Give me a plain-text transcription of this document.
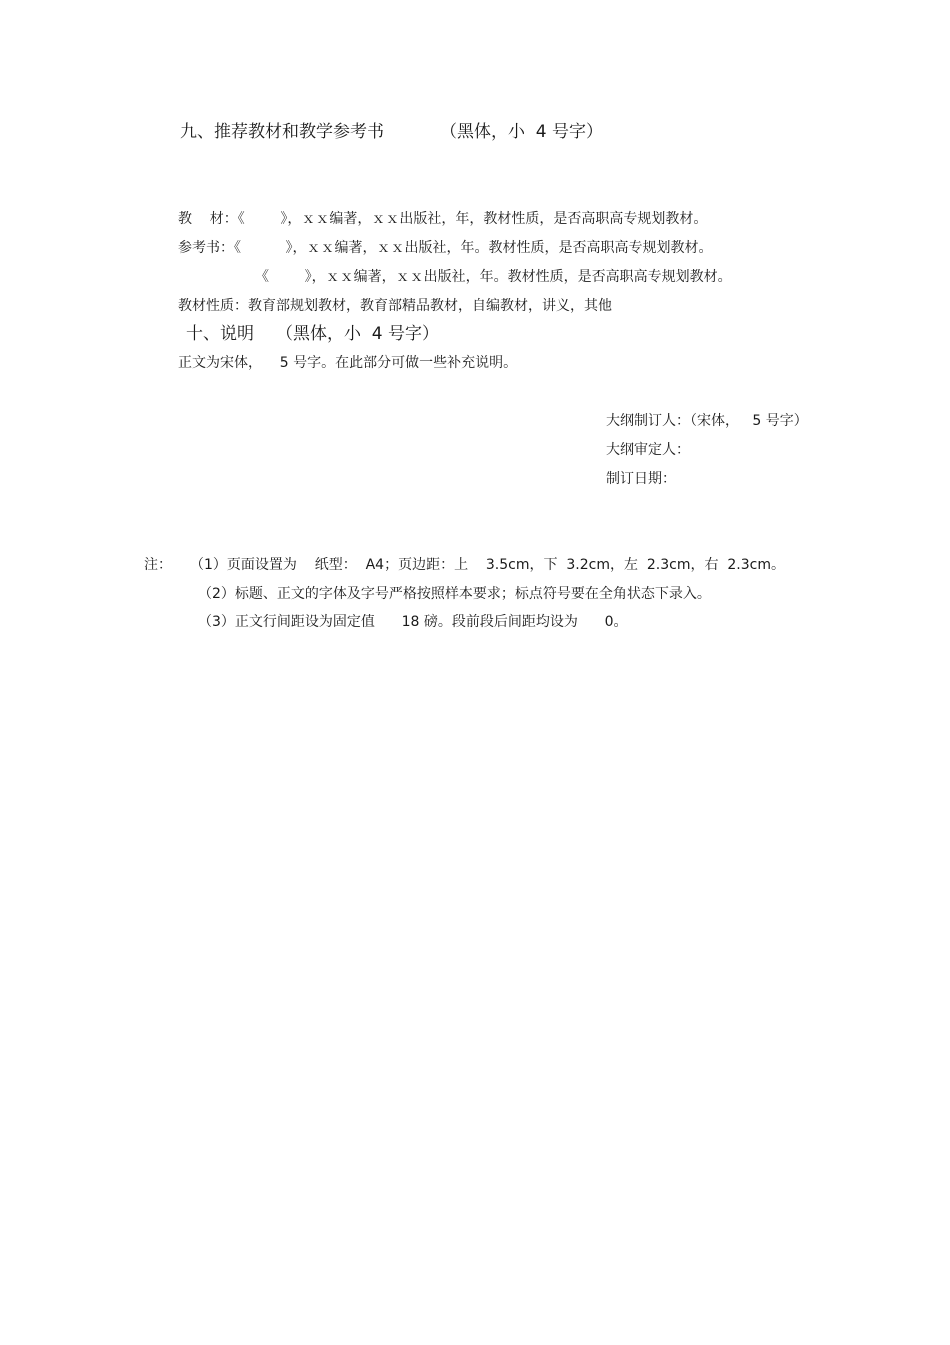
九、推荐教材和教学参考书	（黑体，小  4 号字）
教    材：《        》，ｘｘ编著，ｘｘ出版社，年，教材性质，是否高职高专规划教材。
参考书：《          》，ｘｘ编著，ｘｘ出版社，年。教材性质，是否高职高专规划教材。
《        》，ｘｘ编著，ｘｘ出版社，年。教材性质，是否高职高专规划教材。
教材性质：教育部规划教材，教育部精品教材，自编教材，讲义，其他
十、说明 （黑体，小  4 号字）
正文为宋体，    5 号字。在此部分可做一些补充说明。
大纲制订人：（宋体，   5 号字）
大纲审定人：
制订日期：
注： （1）页面设置为    纸型：  A4；页边距：上    3.5cm，下  3.2cm，左  2.3cm，右  2.3cm。
（2）标题、正文的字体及字号严格按照样本要求；标点符号要在全角状态下录入。
（3）正文行间距设为固定值      18 磅。段前段后间距均设为      0。
